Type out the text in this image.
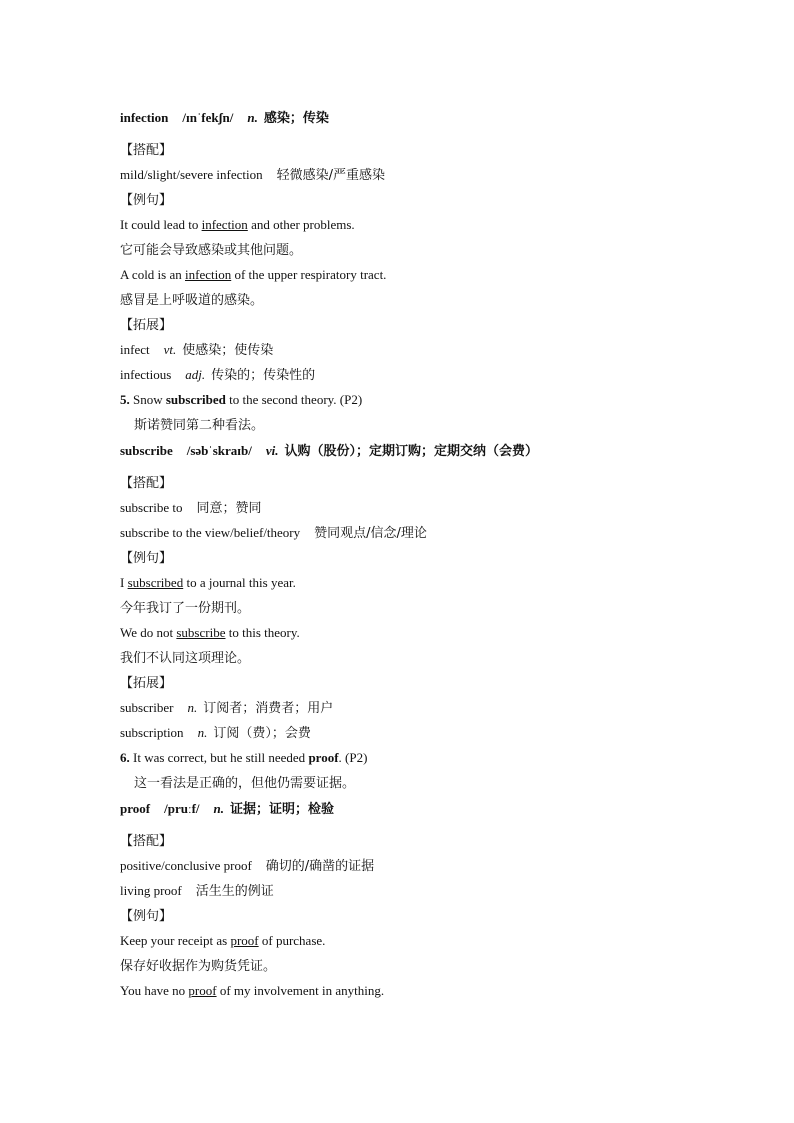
infection /ɪnˈfekʃn/ n. 感染；传染
【搭配】
mild/slight/severe infection 轻微感染/严重感染
【例句】
It could lead to infection and other problems.
它可能会导致感染或其他问题。
A cold is an infection of the upper respiratory tract.
感冒是上呼吸道的感染。
【拓展】
infect vt. 使感染；使传染
infectious adj. 传染的；传染性的
5. Snow subscribed to the second theory. (P2)
斯诺赞同第二种看法。
subscribe /səbˈskraɪb/ vi. 认购（股份）；定期订购；定期交纳（会费）
【搭配】
subscribe to 同意；赞同
subscribe to the view/belief/theory 赞同观点/信念/理论
【例句】
I subscribed to a journal this year.
今年我订了一份期刊。
We do not subscribe to this theory.
我们不认同这项理论。
【拓展】
subscriber n. 订阅者；消费者；用户
subscription n. 订阅（费）；会费
6. It was correct, but he still needed proof. (P2)
这一看法是正确的，但他仍需要证据。
proof /pruːf/ n. 证据；证明；检验
【搭配】
positive/conclusive proof 确切的/确凿的证据
living proof 活生生的例证
【例句】
Keep your receipt as proof of purchase.
保存好收据作为购货凭证。
You have no proof of my involvement in anything.
